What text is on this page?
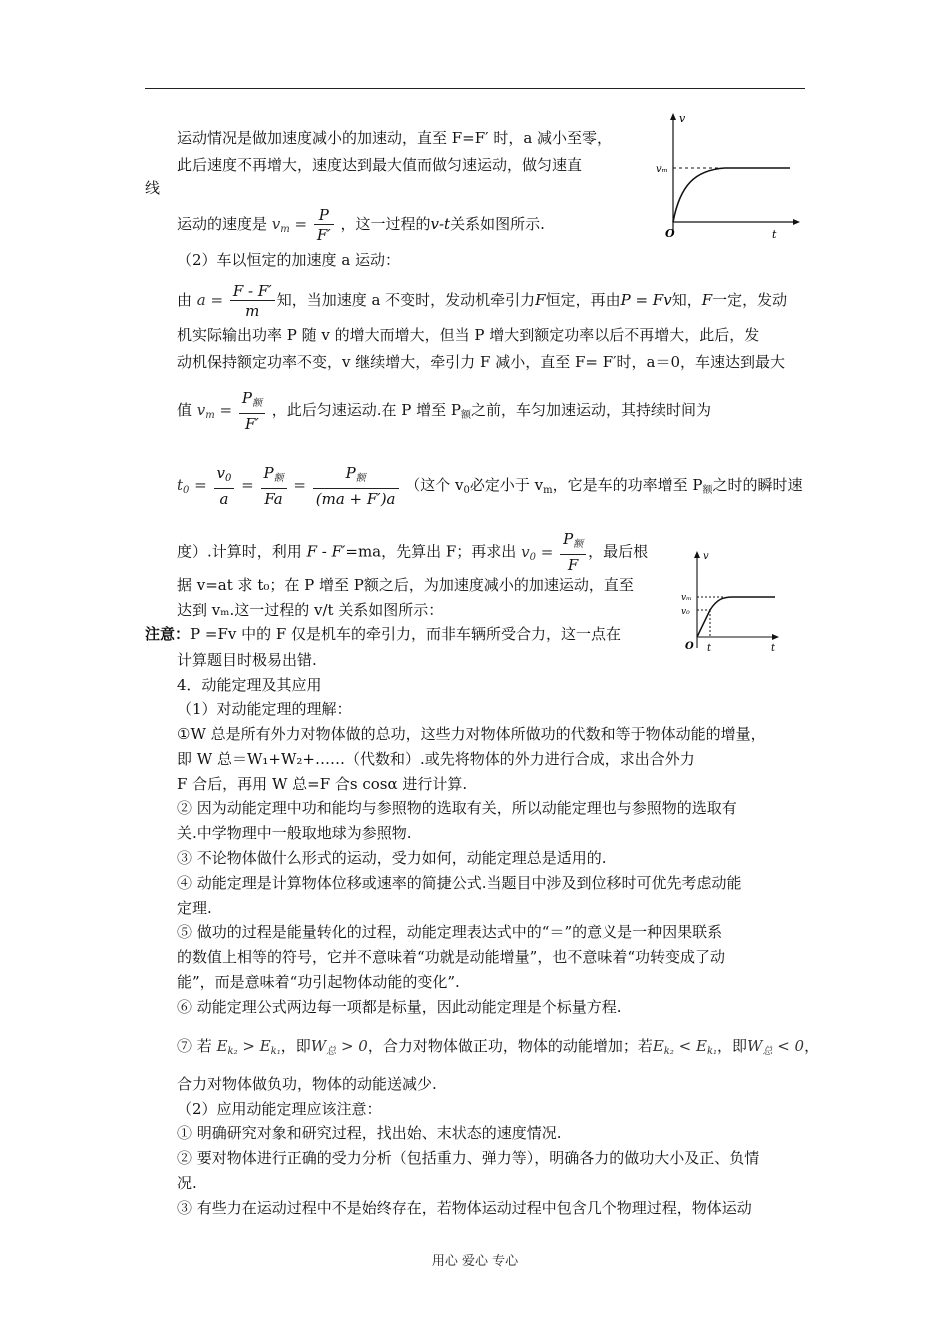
运动情况是做加速度减小的加速动，直至 F=F′ 时，a 减小至零，
此后速度不再增大，速度达到最大值而做匀速运动，做匀速直
线
运动的速度是 $v_m = \frac{P}{F'}$ ，这一过程的v-t关系如图所示.
v
vₘ
O	t
（2）车以恒定的加速度 a 运动：
由 $a = \frac{F - F'}{m}$ 知，当加速度 a 不变时，发动机牵引力F恒定，再由P = Fv知，F一定，发动
机实际输出功率 P 随 v 的增大而增大，但当 P 增大到额定功率以后不再增大，此后，发
动机保持额定功率不变，v 继续增大，牵引力 F 减小，直至 F= F′时，a＝0，车速达到最大
值 $v_m = \frac{P_额}{F'}$ ，此后匀速运动.在 P 增至 $P_额$之前，车匀加速运动，其持续时间为
$t_0 = \frac{v_0}{a} = \frac{P_额}{Fa} = \frac{P_额}{(ma + F')a}$ （这个 $v_0$必定小于 $v_m$，它是车的功率增至 $P_额$之时的瞬时速
度）.计算时，利用 F - F′=ma，先算出 F；再求出 $v_0 = \frac{P_额}{F}$ ，最后根
据 v=at 求 t₀；在 P 增至 P额之后，为加速度减小的加速运动，直至
达到 vₘ.这一过程的 v/t 关系如图所示：
v
vₘ
v₀
O t	t
注意：P =Fv 中的 F 仅是机车的牵引力，而非车辆所受合力，这一点在
计算题目时极易出错.
4．动能定理及其应用
（1）对动能定理的理解：
①W 总是所有外力对物体做的总功，这些力对物体所做功的代数和等于物体动能的增量，
即 W 总＝W₁+W₂+……（代数和）.或先将物体的外力进行合成，求出合外力
F 合后，再用 W 总=F 合s cosα 进行计算.
② 因为动能定理中功和能均与参照物的选取有关，所以动能定理也与参照物的选取有
关.中学物理中一般取地球为参照物.
③ 不论物体做什么形式的运动，受力如何，动能定理总是适用的.
④ 动能定理是计算物体位移或速率的简捷公式.当题目中涉及到位移时可优先考虑动能
定理.
⑤ 做功的过程是能量转化的过程，动能定理表达式中的“＝”的意义是一种因果联系
的数值上相等的符号，它并不意味着“功就是动能增量”，也不意味着“功转变成了动
能”，而是意味着“功引起物体动能的变化”.
⑥ 动能定理公式两边每一项都是标量，因此动能定理是个标量方程.
⑦ 若 $E_{k_2} > E_{k_1}$，即$W_总 > 0$，合力对物体做正功，物体的动能增加；若$E_{k_2} < E_{k_1}$，即$W_总 < 0$，
合力对物体做负功，物体的动能送减少.
（2）应用动能定理应该注意：
① 明确研究对象和研究过程，找出始、末状态的速度情况.
② 要对物体进行正确的受力分析（包括重力、弹力等），明确各力的做功大小及正、负情
况.
③ 有些力在运动过程中不是始终存在，若物体运动过程中包含几个物理过程，物体运动
用心 爱心 专心
